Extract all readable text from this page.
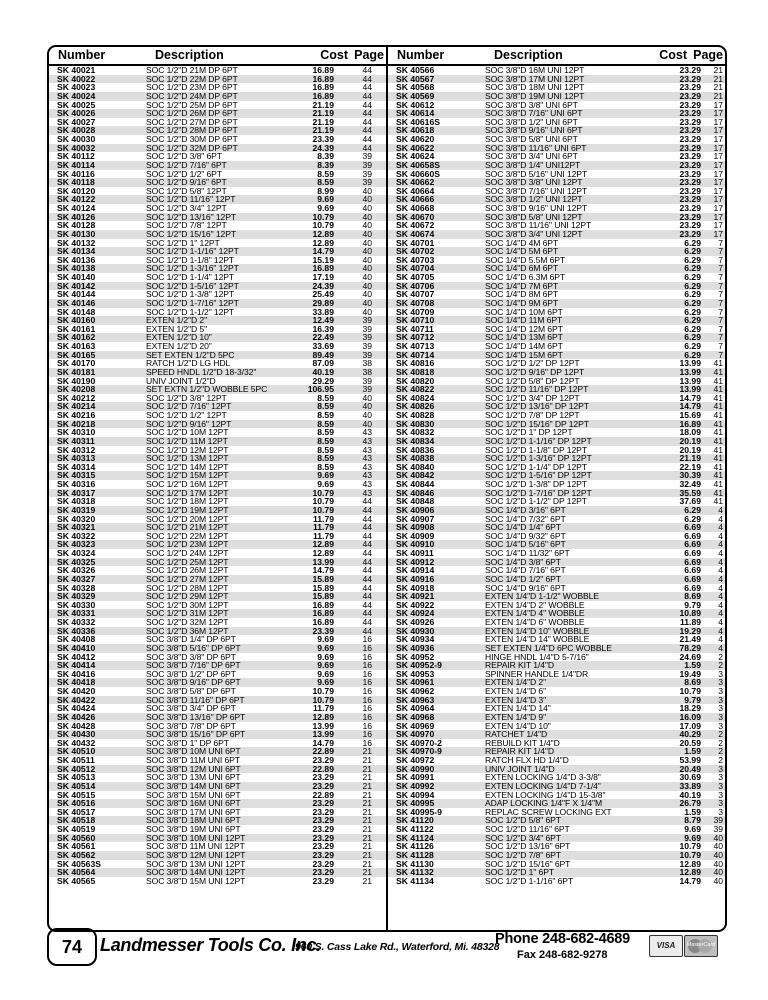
Number	Description	Cost Page
SK 40021	SOC 1/2"D 21M DP 6PT	16.89	44
SK 40022	SOC 1/2"D 22M DP 6PT	16.89	44
SK 40023	SOC 1/2"D 23M DP 6PT	16.89	44
SK 40024	SOC 1/2"D 24M DP 6PT	16.89	44
SK 40025	SOC 1/2"D 25M DP 6PT	21.19	44
SK 40026	SOC 1/2"D 26M DP 6PT	21.19	44
SK 40027	SOC 1/2"D 27M DP 6PT	21.19	44
SK 40028	SOC 1/2"D 28M DP 6PT	21.19	44
SK 40030	SOC 1/2"D 30M DP 6PT	23.39	44
SK 40032	SOC 1/2"D 32M DP 6PT	24.39	44
SK 40112	SOC 1/2"D 3/8" 6PT	8.39	39
SK 40114	SOC 1/2"D 7/16" 6PT	8.39	39
SK 40116	SOC 1/2"D 1/2" 6PT	8.59	39
SK 40118	SOC 1/2"D 9/16" 6PT	8.59	39
SK 40120	SOC 1/2"D 5/8" 12PT	8.99	40
SK 40122	SOC 1/2"D 11/16" 12PT	9.69	40
SK 40124	SOC 1/2"D 3/4" 12PT	9.69	40
SK 40126	SOC 1/2"D 13/16" 12PT	10.79	40
SK 40128	SOC 1/2"D 7/8" 12PT	10.79	40
SK 40130	SOC 1/2"D 15/16" 12PT	12.89	40
SK 40132	SOC 1/2"D 1" 12PT	12.89	40
SK 40134	SOC 1/2"D 1-1/16" 12PT	14.79	40
SK 40136	SOC 1/2"D 1-1/8" 12PT	15.19	40
SK 40138	SOC 1/2"D 1-3/16" 12PT	16.89	40
SK 40140	SOC 1/2"D 1-1/4" 12PT	17.19	40
SK 40142	SOC 1/2"D 1-5/16" 12PT	24.39	40
SK 40144	SOC 1/2"D 1-3/8" 12PT	25.49	40
SK 40146	SOC 1/2"D 1-7/16" 12PT	29.89	40
SK 40148	SOC 1/2"D 1-1/2" 12PT	33.89	40
SK 40160	EXTEN 1/2"D 2"	12.49	39
SK 40161	EXTEN 1/2"D 5"	16.39	39
SK 40162	EXTEN 1/2"D 10"	22.49	39
SK 40163	EXTEN 1/2"D 20"	33.69	39
SK 40165	SET EXTEN 1/2"D 5PC	89.49	39
SK 40170	RATCH 1/2"D LG HDL	87.09	38
SK 40181	SPEED HNDL 1/2"D 18-3/32"	40.19	38
SK 40190	UNIV JOINT 1/2"D	29.29	39
SK 40208	SET EXTN 1/2"D WOBBLE 5PC	106.95	39
SK 40212	SOC 1/2"D 3/8" 12PT	8.59	40
SK 40214	SOC 1/2"D 7/16" 12PT	8.59	40
SK 40216	SOC 1/2"D 1/2" 12PT	8.59	40
SK 40218	SOC 1/2"D 9/16" 12PT	8.59	40
SK 40310	SOC 1/2"D 10M 12PT	8.59	43
SK 40311	SOC 1/2"D 11M 12PT	8.59	43
SK 40312	SOC 1/2"D 12M 12PT	8.59	43
SK 40313	SOC 1/2"D 13M 12PT	8.59	43
SK 40314	SOC 1/2"D 14M 12PT	8.59	43
SK 40315	SOC 1/2"D 15M 12PT	9.69	43
SK 40316	SOC 1/2"D 16M 12PT	9.69	43
SK 40317	SOC 1/2"D 17M 12PT	10.79	43
SK 40318	SOC 1/2"D 18M 12PT	10.79	44
SK 40319	SOC 1/2"D 19M 12PT	10.79	44
SK 40320	SOC 1/2"D 20M 12PT	11.79	44
SK 40321	SOC 1/2"D 21M 12PT	11.79	44
SK 40322	SOC 1/2"D 22M 12PT	11.79	44
SK 40323	SOC 1/2"D 23M 12PT	12.89	44
SK 40324	SOC 1/2"D 24M 12PT	12.89	44
SK 40325	SOC 1/2"D 25M 12PT	13.99	44
SK 40326	SOC 1/2"D 26M 12PT	14.79	44
SK 40327	SOC 1/2"D 27M 12PT	15.89	44
SK 40328	SOC 1/2"D 28M 12PT	15.89	44
SK 40329	SOC 1/2"D 29M 12PT	15.89	44
SK 40330	SOC 1/2"D 30M 12PT	16.89	44
SK 40331	SOC 1/2"D 31M 12PT	16.89	44
SK 40332	SOC 1/2"D 32M 12PT	16.89	44
SK 40336	SOC 1/2"D 36M 12PT	23.39	44
SK 40408	SOC 3/8"D 1/4" DP 6PT	9.69	16
SK 40410	SOC 3/8"D 5/16" DP 6PT	9.69	16
SK 40412	SOC 3/8"D 3/8" DP 6PT	9.69	16
SK 40414	SOC 3/8"D 7/16" DP 6PT	9.69	16
SK 40416	SOC 3/8"D 1/2" DP 6PT	9.69	16
SK 40418	SOC 3/8"D 9/16" DP 6PT	9.69	16
SK 40420	SOC 3/8"D 5/8" DP 6PT	10.79	16
SK 40422	SOC 3/8"D 11/16" DP 6PT	10.79	16
SK 40424	SOC 3/8"D 3/4" DP 6PT	11.79	16
SK 40426	SOC 3/8"D 13/16" DP 6PT	12.89	16
SK 40428	SOC 3/8"D 7/8" DP 6PT	13.99	16
SK 40430	SOC 3/8"D 15/16" DP 6PT	13.99	16
SK 40432	SOC 3/8"D 1" DP 6PT	14.79	16
SK 40510	SOC 3/8"D 10M UNI 6PT	22.89	21
SK 40511	SOC 3/8"D 11M UNI 6PT	23.29	21
SK 40512	SOC 3/8"D 12M UNI 6PT	22.89	21
SK 40513	SOC 3/8"D 13M UNI 6PT	23.29	21
SK 40514	SOC 3/8"D 14M UNI 6PT	23.29	21
SK 40515	SOC 3/8"D 15M UNI 6PT	22.89	21
SK 40516	SOC 3/8"D 16M UNI 6PT	23.29	21
SK 40517	SOC 3/8"D 17M UNI 6PT	23.29	21
SK 40518	SOC 3/8"D 18M UNI 6PT	23.29	21
SK 40519	SOC 3/8"D 19M UNI 6PT	23.29	21
SK 40560	SOC 3/8"D 10M UNI 12PT	23.29	21
SK 40561	SOC 3/8"D 11M UNI 12PT	23.29	21
SK 40562	SOC 3/8"D 12M UNI 12PT	23.29	21
SK 40563S	SOC 3/8"D 13M UNI 12PT	23.29	21
SK 40564	SOC 3/8"D 14M UNI 12PT	23.29	21
SK 40565	SOC 3/8"D 15M UNI 12PT	23.29	21
Number	Description	Cost Page
SK 40566	SOC 3/8"D 16M UNI 12PT	23.29 21
SK 40567	SOC 3/8"D 17M UNI 12PT	23.29 21
SK 40568	SOC 3/8"D 18M UNI 12PT	23.29 21
SK 40569	SOC 3/8"D 19M UNI 12PT	23.29 21
SK 40612	SOC 3/8"D 3/8" UNI 6PT	23.29 17
SK 40614	SOC 3/8"D 7/16" UNI 6PT	23.29 17
SK 40616S	SOC 3/8"D 1/2" UNI 6PT	23.29 17
SK 40618	SOC 3/8"D 9/16" UNI 6PT	23.29 17
SK 40620	SOC 3/8"D 5/8" UNI 6PT	23.29 17
SK 40622	SOC 3/8"D 11/16" UNI 6PT	23.29 17
SK 40624	SOC 3/8"D 3/4" UNI 6PT	23.29 17
SK 40658S	SOC 3/8"D 1/4" UNI12PT	23.29 17
SK 40660S	SOC 3/8"D 5/16" UNI 12PT	23.29 17
SK 40662	SOC 3/8"D 3/8" UNI 12PT	23.29 17
SK 40664	SOC 3/8"D 7/16" UNI 12PT	23.29 17
SK 40666	SOC 3/8"D 1/2" UNI 12PT	23.29 17
SK 40668	SOC 3/8"D 9/16" UNI 12PT	23.29 17
SK 40670	SOC 3/8"D 5/8" UNI 12PT	23.29 17
SK 40672	SOC 3/8"D 11/16" UNI 12PT	23.29 17
SK 40674	SOC 3/8"D 3/4" UNI 12PT	23.29 17
SK 40701	SOC 1/4"D 4M 6PT	6.29 7
SK 40702	SOC 1/4"D 5M 6PT	6.29 7
SK 40703	SOC 1/4"D 5.5M 6PT	6.29 7
SK 40704	SOC 1/4"D 6M 6PT	6.29 7
SK 40705	SOC 1/4"D 6.3M 6PT	6.29 7
SK 40706	SOC 1/4"D 7M 6PT	6.29 7
SK 40707	SOC 1/4"D 8M 6PT	6.29 7
SK 40708	SOC 1/4"D 9M 6PT	6.29 7
SK 40709	SOC 1/4"D 10M 6PT	6.29 7
SK 40710	SOC 1/4"D 11M 6PT	6.29 7
SK 40711	SOC 1/4"D 12M 6PT	6.29 7
SK 40712	SOC 1/4"D 13M 6PT	6.29 7
SK 40713	SOC 1/4"D 14M 6PT	6.29 7
SK 40714	SOC 1/4"D 15M 6PT	6.29 7
SK 40816	SOC 1/2"D 1/2" DP 12PT	13.99 41
SK 40818	SOC 1/2"D 9/16" DP 12PT	13.99 41
SK 40820	SOC 1/2"D 5/8" DP 12PT	13.99 41
SK 40822	SOC 1/2"D 11/16" DP 12PT	13.99 41
SK 40824	SOC 1/2"D 3/4" DP 12PT	14.79 41
SK 40826	SOC 1/2"D 13/16" DP 12PT	14.79 41
SK 40828	SOC 1/2"D 7/8" DP 12PT	15.69 41
SK 40830	SOC 1/2"D 15/16" DP 12PT	16.89 41
SK 40832	SOC 1/2"D 1" DP 12PT	18.09 41
SK 40834	SOC 1/2"D 1-1/16" DP 12PT	20.19 41
SK 40836	SOC 1/2"D 1-1/8" DP 12PT	20.19 41
SK 40838	SOC 1/2"D 1-3/16" DP 12PT	21.19 41
SK 40840	SOC 1/2"D 1-1/4" DP 12PT	22.19 41
SK 40842	SOC 1/2"D 1-5/16" DP 12PT	30.39 41
SK 40844	SOC 1/2"D 1-3/8" DP 12PT	32.49 41
SK 40846	SOC 1/2"D 1-7/16" DP 12PT	35.59 41
SK 40848	SOC 1/2"D 1-1/2" DP 12PT	37.69 41
SK 40906	SOC 1/4"D 3/16" 6PT	6.29 4
SK 40907	SOC 1/4"D 7/32" 6PT	6.29 4
SK 40908	SOC 1/4"D 1/4" 6PT	6.69 4
SK 40909	SOC 1/4"D 9/32" 6PT	6.69 4
SK 40910	SOC 1/4"D 5/16" 6PT	6.69 4
SK 40911	SOC 1/4"D 11/32" 6PT	6.69 4
SK 40912	SOC 1/4"D 3/8" 6PT	6.69 4
SK 40914	SOC 1/4"D 7/16" 6PT	6.69 4
SK 40916	SOC 1/4"D 1/2" 6PT	6.69 4
SK 40918	SOC 1/4"D 9/16" 6PT	6.69 4
SK 40921	EXTEN 1/4"D 1-1/2" WOBBLE	8.69 4
SK 40922	EXTEN 1/4"D 2" WOBBLE	9.79 4
SK 40924	EXTEN 1/4"D 4" WOBBLE	10.89 4
SK 40926	EXTEN 1/4"D 6" WOBBLE	11.89 4
SK 40930	EXTEN 1/4"D 10" WOBBLE	19.29 4
SK 40934	EXTEN 1/4"D 14" WOBBLE	21.49 4
SK 40936	SET EXTEN 1/4"D 6PC WOBBLE	78.29 4
SK 40952	HINGE HNDL 1/4"D 5-7/16"	24.69 2
SK 40952-9	REPAIR KIT 1/4"D	1.59 2
SK 40953	SPINNER HANDLE 1/4"DR	19.49 3
SK 40961	EXTEN 1/4"D 2"	8.69 3
SK 40962	EXTEN 1/4"D 6"	10.79 3
SK 40963	EXTEN 1/4"D 3"	9.79 3
SK 40964	EXTEN 1/4"D 14"	18.29 3
SK 40968	EXTEN 1/4"D 9"	16.09 3
SK 40969	EXTEN 1/4"D 10"	17.09 3
SK 40970	RATCHET 1/4"D	40.29 2
SK 40970-2	REBUILD KIT 1/4"D	20.59 2
SK 40970-9	REPAIR KIT 1/4"D	1.59 2
SK 40972	RATCH FLX HD 1/4"D	53.99 2
SK 40990	UNIV JOINT 1/4"D	20.49 3
SK 40991	EXTEN LOCKING 1/4"D 3-3/8"	30.69 3
SK 40992	EXTEN LOCKING 1/4"D 7-1/4"	33.89 3
SK 40994	EXTEN LOCKING 1/4"D 15-3/8"	40.19 3
SK 40995	ADAP LOCKING 1/4"F X 1/4"M	26.79 3
SK 40995-9	REPLAC SCREW LOCKING EXT	1.59 3
SK 41120	SOC 1/2"D 5/8" 6PT	8.79 39
SK 41122	SOC 1/2"D 11/16" 6PT	9.69 39
SK 41124	SOC 1/2"D 3/4" 6PT	9.69 40
SK 41126	SOC 1/2"D 13/16" 6PT	10.79 40
SK 41128	SOC 1/2"D 7/8" 6PT	10.79 40
SK 41130	SOC 1/2"D 15/16" 6PT	12.89 40
SK 41132	SOC 1/2"D 1" 6PT	12.89 40
SK 41134	SOC 1/2"D 1-1/16" 6PT	14.79 40
74 Landmesser Tools Co. Inc.
960 S. Cass Lake Rd., Waterford, Mi. 48328
Phone 248-682-4689
Fax 248-682-9278
VISA	MasterCard
